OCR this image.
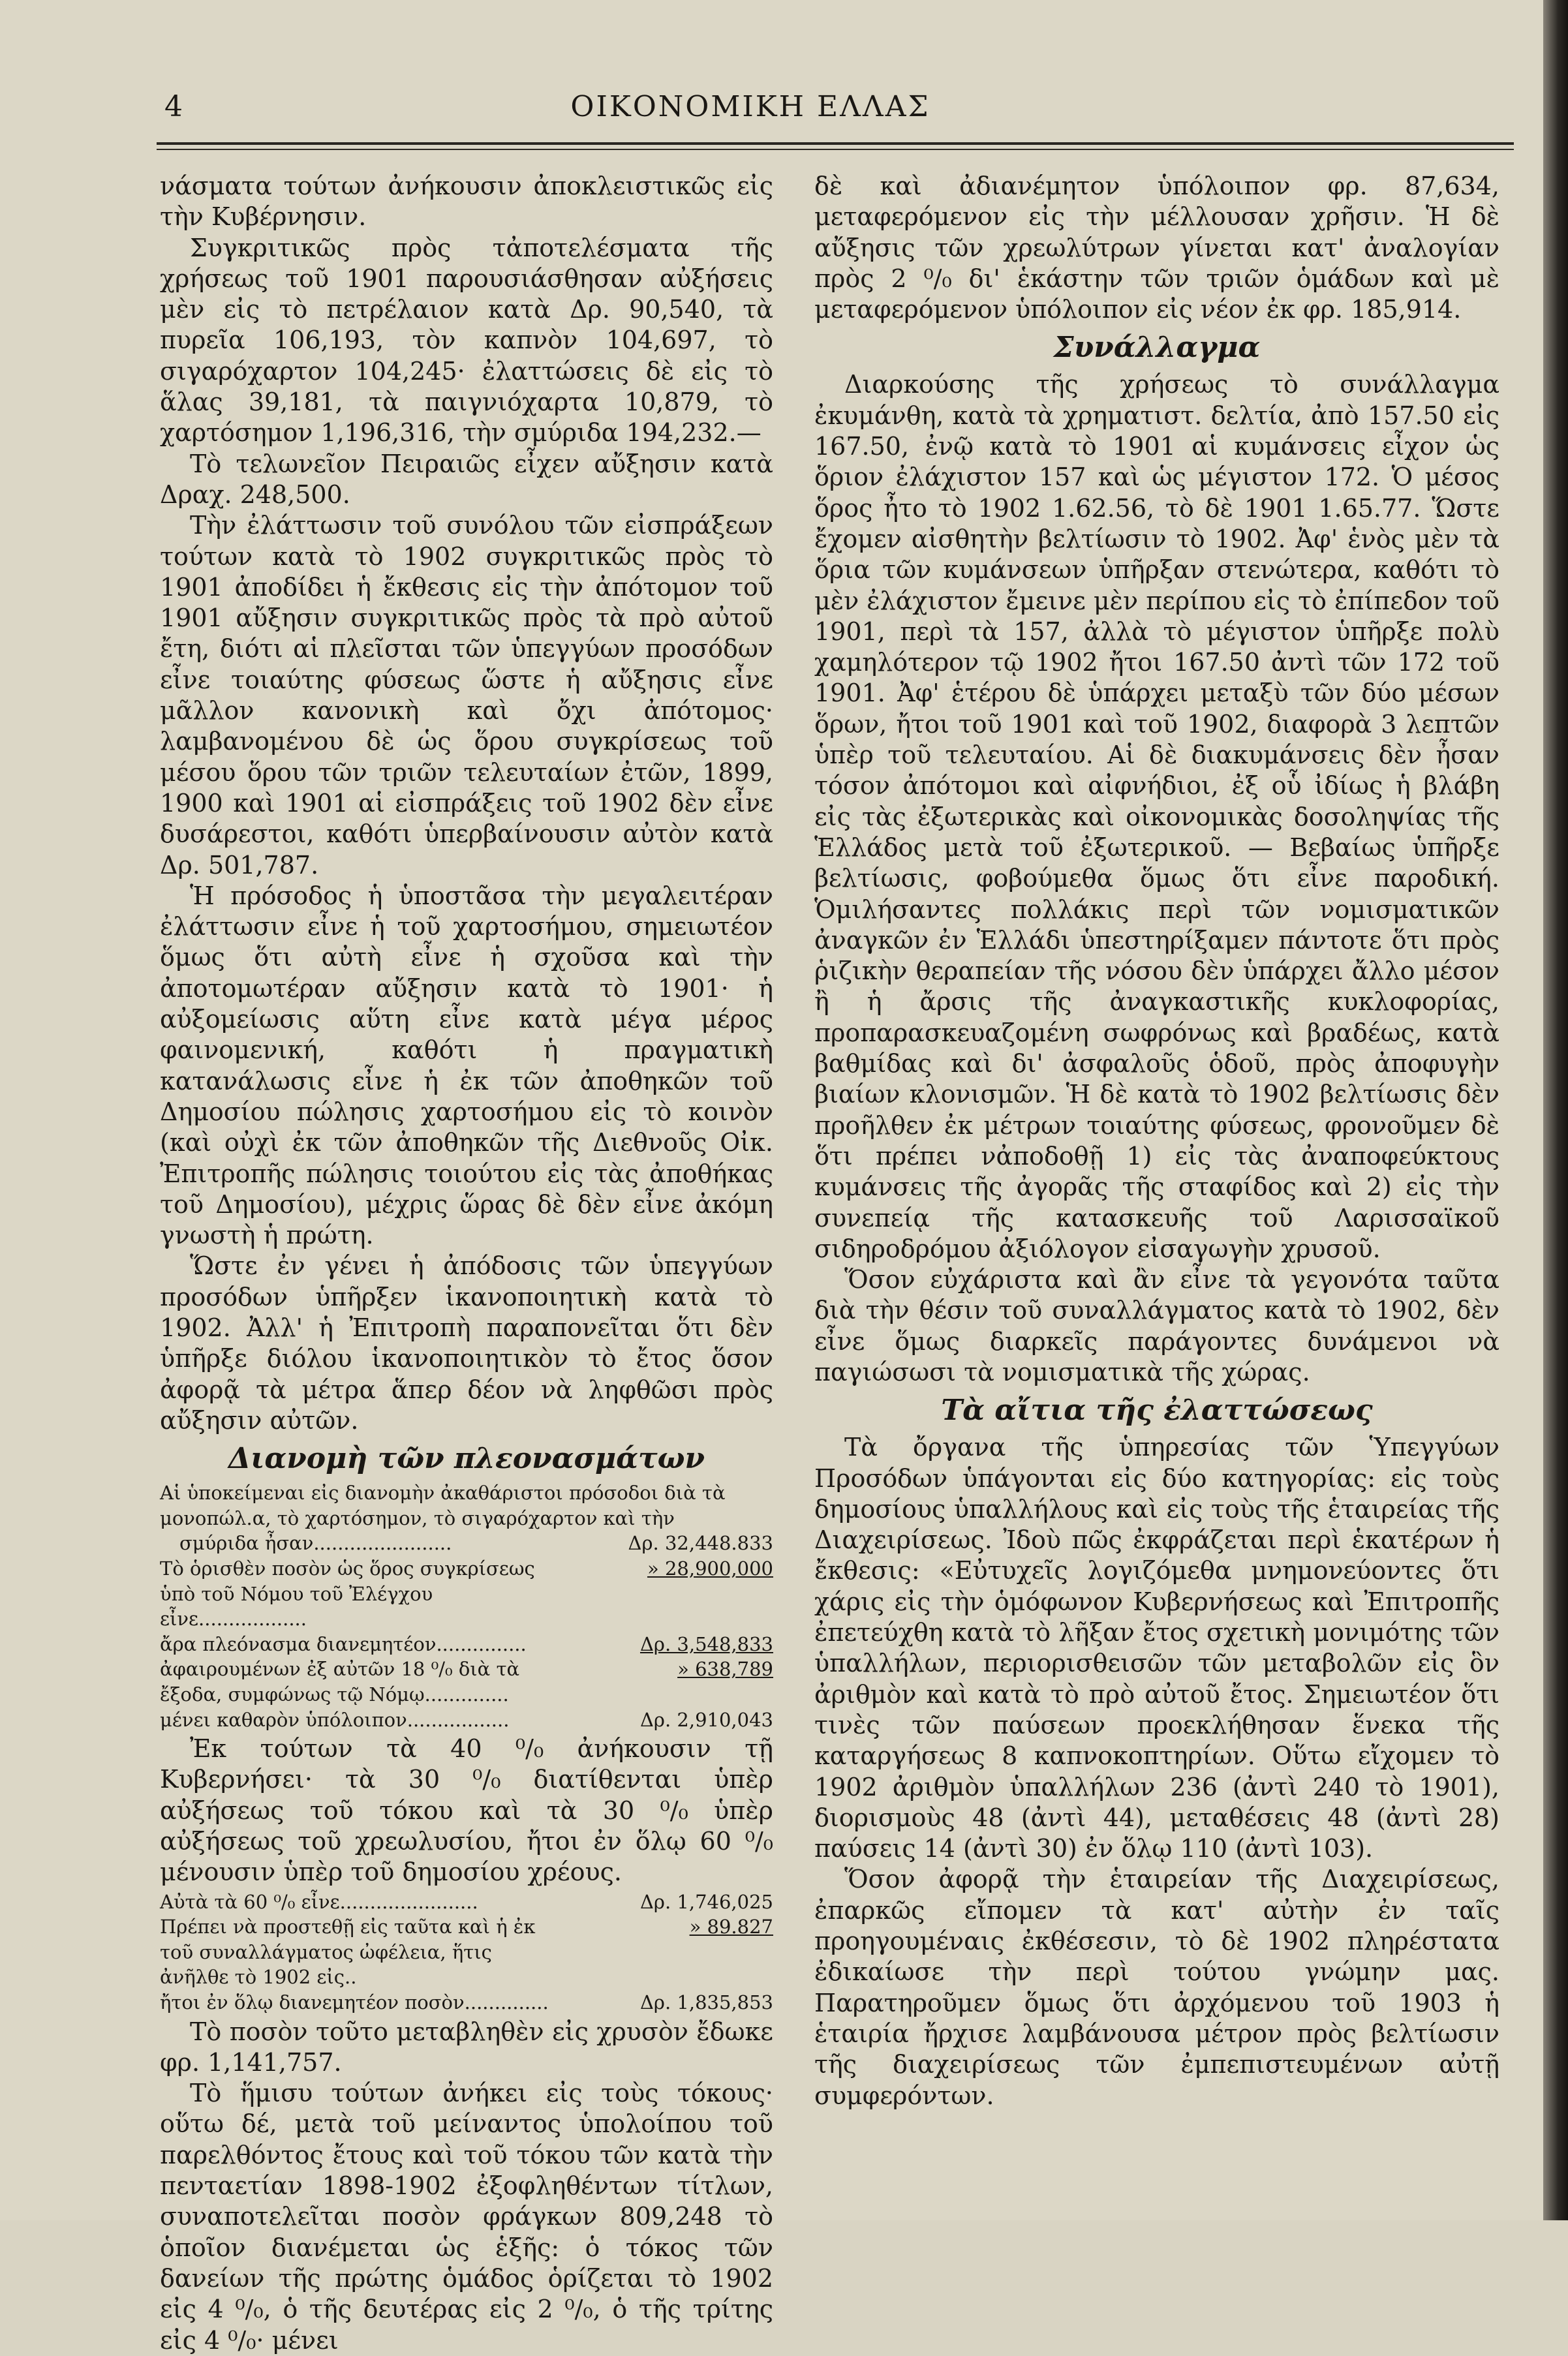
4	ΟΙΚΟΝΟΜΙΚΗ ΕΛΛΑΣ

νάσματα τούτων ἀνήκουσιν ἀποκλειστικῶς εἰς τὴν Κυβέρνησιν.

Συγκριτικῶς πρὸς τἀποτελέσματα τῆς χρήσεως τοῦ 1901 παρουσιάσθησαν αὐξήσεις μὲν εἰς τὸ πετρέλαιον κατὰ Δρ. 90,540, τὰ πυρεῖα 106,193, τὸν καπνὸν 104,697, τὸ σιγαρόχαρτον 104,245· ἐλαττώσεις δὲ εἰς τὸ ἅλας 39,181, τὰ παιγνιόχαρτα 10,879, τὸ χαρτόσημον 1,196,316, τὴν σμύριδα 194,232.—

Τὸ τελωνεῖον Πειραιῶς εἶχεν αὔξησιν κατὰ Δραχ. 248,500.

Τὴν ἐλάττωσιν τοῦ συνόλου τῶν εἰσπράξεων τούτων κατὰ τὸ 1902 συγκριτικῶς πρὸς τὸ 1901 ἀποδίδει ἡ ἔκθεσις εἰς τὴν ἀπότομον τοῦ 1901 αὔξησιν συγκριτικῶς πρὸς τὰ πρὸ αὐτοῦ ἔτη, διότι αἱ πλεῖσται τῶν ὑπεγγύων προσόδων εἶνε τοιαύτης φύσεως ὥστε ἡ αὔξησις εἶνε μᾶλλον κανονικὴ καὶ ὄχι ἀπότομος· λαμβανομένου δὲ ὡς ὅρου συγκρίσεως τοῦ μέσου ὅρου τῶν τριῶν τελευταίων ἐτῶν, 1899, 1900 καὶ 1901 αἱ εἰσπράξεις τοῦ 1902 δὲν εἶνε δυσάρεστοι, καθότι ὑπερβαίνουσιν αὐτὸν κατὰ Δρ. 501,787.

Ἡ πρόσοδος ἡ ὑποστᾶσα τὴν μεγαλειτέραν ἐλάττωσιν εἶνε ἡ τοῦ χαρτοσήμου, σημειωτέον ὅμως ὅτι αὐτὴ εἶνε ἡ σχοῦσα καὶ τὴν ἀποτομωτέραν αὔξησιν κατὰ τὸ 1901· ἡ αὐξομείωσις αὕτη εἶνε κατὰ μέγα μέρος φαινομενική, καθότι ἡ πραγματικὴ κατανάλωσις εἶνε ἡ ἐκ τῶν ἀποθηκῶν τοῦ Δημοσίου πώλησις χαρτοσήμου εἰς τὸ κοινὸν (καὶ οὐχὶ ἐκ τῶν ἀποθηκῶν τῆς Διεθνοῦς Οἰκ. Ἐπιτροπῆς πώλησις τοιούτου εἰς τὰς ἀποθήκας τοῦ Δημοσίου), μέχρις ὥρας δὲ δὲν εἶνε ἀκόμη γνωστὴ ἡ πρώτη.

Ὥστε ἐν γένει ἡ ἀπόδοσις τῶν ὑπεγγύων προσόδων ὑπῆρξεν ἱκανοποιητικὴ κατὰ τὸ 1902. Ἀλλ' ἡ Ἐπιτροπὴ παραπονεῖται ὅτι δὲν ὑπῆρξε διόλου ἱκανοποιητικὸν τὸ ἔτος ὅσον ἀφορᾷ τὰ μέτρα ἅπερ δέον νὰ ληφθῶσι πρὸς αὔξησιν αὐτῶν.

Διανομὴ τῶν πλεονασμάτων
Αἱ ὑποκείμεναι εἰς διανομὴν ἀκαθάριστοι πρόσοδοι διὰ τὰ μονοπώλ.α, τὸ χαρτόσημον, τὸ σιγαρόχαρτον καὶ τὴν
σμύριδα ἦσαν.......................	Δρ. 32,448.833
Τὸ ὁρισθὲν ποσὸν ὡς ὅρος συγκρίσεως ὑπὸ τοῦ Νόμου τοῦ Ἐλέγχου εἶνε..................
» 28,900,000
ἄρα πλεόνασμα διανεμητέον...............	Δρ. 3,548,833
ἀφαιρουμένων ἐξ αὐτῶν 18 ⁰/₀ διὰ τὰ ἔξοδα, συμφώνως τῷ Νόμῳ..............
» 638,789
μένει καθαρὸν ὑπόλοιπον.................	Δρ. 2,910,043

Ἐκ τούτων τὰ 40 ⁰/₀ ἀνήκουσιν τῇ Κυβερνήσει· τὰ 30 ⁰/₀ διατίθενται ὑπὲρ αὐξήσεως τοῦ τόκου καὶ τὰ 30 ⁰/₀ ὑπὲρ αὐξήσεως τοῦ χρεωλυσίου, ἤτοι ἐν ὅλῳ 60 ⁰/₀ μένουσιν ὑπὲρ τοῦ δημοσίου χρέους.

Αὐτὰ τὰ 60 ⁰/₀ εἶνε.......................	Δρ. 1,746,025
Πρέπει νὰ προστεθῇ εἰς ταῦτα καὶ ἡ ἐκ τοῦ συναλλάγματος ὠφέλεια, ἥτις ἀνῆλθε τὸ 1902 εἰς..
» 89.827
ἤτοι ἐν ὅλῳ διανεμητέον ποσὸν..............	Δρ. 1,835,853

Τὸ ποσὸν τοῦτο μεταβληθὲν εἰς χρυσὸν ἔδωκε φρ. 1,141,757.

Τὸ ἥμισυ τούτων ἀνήκει εἰς τοὺς τόκους· οὕτω δέ, μετὰ τοῦ μείναντος ὑπολοίπου τοῦ παρελθόντος ἔτους καὶ τοῦ τόκου τῶν κατὰ τὴν πενταετίαν 1898-1902 ἐξοφληθέντων τίτλων, συναποτελεῖται ποσὸν φράγκων 809,248 τὸ ὁποῖον διανέμεται ὡς ἑξῆς: ὁ τόκος τῶν δανείων τῆς πρώτης ὁμάδος ὁρίζεται τὸ 1902 εἰς 4 ⁰/₀, ὁ τῆς δευτέρας εἰς 2 ⁰/₀, ὁ τῆς τρίτης εἰς 4 ⁰/₀· μένει

δὲ καὶ ἀδιανέμητον ὑπόλοιπον φρ. 87,634, μεταφερόμενον εἰς τὴν μέλλουσαν χρῆσιν. Ἡ δὲ αὔξησις τῶν χρεωλύτρων γίνεται κατ' ἀναλογίαν πρὸς 2 ⁰/₀ δι' ἑκάστην τῶν τριῶν ὁμάδων καὶ μὲ μεταφερόμενον ὑπόλοιπον εἰς νέον ἐκ φρ. 185,914.

Συνάλλαγμα

Διαρκούσης τῆς χρήσεως τὸ συνάλλαγμα ἐκυμάνθη, κατὰ τὰ χρηματιστ. δελτία, ἀπὸ 157.50 εἰς 167.50, ἐνῷ κατὰ τὸ 1901 αἱ κυμάνσεις εἶχον ὡς ὅριον ἐλάχιστον 157 καὶ ὡς μέγιστον 172. Ὁ μέσος ὅρος ἦτο τὸ 1902 1.62.56, τὸ δὲ 1901 1.65.77. Ὥστε ἔχομεν αἰσθητὴν βελτίωσιν τὸ 1902. Ἀφ' ἑνὸς μὲν τὰ ὅρια τῶν κυμάνσεων ὑπῆρξαν στενώτερα, καθότι τὸ μὲν ἐλάχιστον ἔμεινε μὲν περίπου εἰς τὸ ἐπίπεδον τοῦ 1901, περὶ τὰ 157, ἀλλὰ τὸ μέγιστον ὑπῆρξε πολὺ χαμηλότερον τῷ 1902 ἤτοι 167.50 ἀντὶ τῶν 172 τοῦ 1901. Ἀφ' ἑτέρου δὲ ὑπάρχει μεταξὺ τῶν δύο μέσων ὅρων, ἤτοι τοῦ 1901 καὶ τοῦ 1902, διαφορὰ 3 λεπτῶν ὑπὲρ τοῦ τελευταίου. Αἱ δὲ διακυμάνσεις δὲν ἦσαν τόσον ἀπότομοι καὶ αἰφνήδιοι, ἐξ οὗ ἰδίως ἡ βλάβη εἰς τὰς ἐξωτερικὰς καὶ οἰκονομικὰς δοσοληψίας τῆς Ἑλλάδος μετὰ τοῦ ἐξωτερικοῦ. — Βεβαίως ὑπῆρξε βελτίωσις, φοβούμεθα ὅμως ὅτι εἶνε παροδική. Ὁμιλήσαντες πολλάκις περὶ τῶν νομισματικῶν ἀναγκῶν ἐν Ἑλλάδι ὑπεστηρίξαμεν πάντοτε ὅτι πρὸς ῥιζικὴν θεραπείαν τῆς νόσου δὲν ὑπάρχει ἄλλο μέσον ἢ ἡ ἄρσις τῆς ἀναγκαστικῆς κυκλοφορίας, προπαρασκευαζομένη σωφρόνως καὶ βραδέως, κατὰ βαθμίδας καὶ δι' ἀσφαλοῦς ὁδοῦ, πρὸς ἀποφυγὴν βιαίων κλονισμῶν. Ἡ δὲ κατὰ τὸ 1902 βελτίωσις δὲν προῆλθεν ἐκ μέτρων τοιαύτης φύσεως, φρονοῦμεν δὲ ὅτι πρέπει νἀποδοθῇ 1) εἰς τὰς ἀναποφεύκτους κυμάνσεις τῆς ἀγορᾶς τῆς σταφίδος καὶ 2) εἰς τὴν συνεπείᾳ τῆς κατασκευῆς τοῦ Λαρισσαϊκοῦ σιδηροδρόμου ἀξιόλογον εἰσαγωγὴν χρυσοῦ.

Ὅσον εὐχάριστα καὶ ἂν εἶνε τὰ γεγονότα ταῦτα διὰ τὴν θέσιν τοῦ συναλλάγματος κατὰ τὸ 1902, δὲν εἶνε ὅμως διαρκεῖς παράγοντες δυνάμενοι νὰ παγιώσωσι τὰ νομισματικὰ τῆς χώρας.

Τὰ αἴτια τῆς ἐλαττώσεως

Τὰ ὄργανα τῆς ὑπηρεσίας τῶν Ὑπεγγύων Προσόδων ὑπάγονται εἰς δύο κατηγορίας: εἰς τοὺς δημοσίους ὑπαλλήλους καὶ εἰς τοὺς τῆς ἑταιρείας τῆς Διαχειρίσεως. Ἰδοὺ πῶς ἐκφράζεται περὶ ἑκατέρων ἡ ἔκθεσις: «Εὐτυχεῖς λογιζόμεθα μνημονεύοντες ὅτι χάρις εἰς τὴν ὁμόφωνον Κυβερνήσεως καὶ Ἐπιτροπῆς ἐπετεύχθη κατὰ τὸ λῆξαν ἔτος σχετικὴ μονιμότης τῶν ὑπαλλήλων, περιορισθεισῶν τῶν μεταβολῶν εἰς ὃν ἀριθμὸν καὶ κατὰ τὸ πρὸ αὐτοῦ ἔτος. Σημειωτέον ὅτι τινὲς τῶν παύσεων προεκλήθησαν ἕνεκα τῆς καταργήσεως 8 καπνοκοπτηρίων. Οὕτω εἴχομεν τὸ 1902 ἀριθμὸν ὑπαλλήλων 236 (ἀντὶ 240 τὸ 1901), διορισμοὺς 48 (ἀντὶ 44), μεταθέσεις 48 (ἀντὶ 28) παύσεις 14 (ἀντὶ 30) ἐν ὅλῳ 110 (ἀντὶ 103).

Ὅσον ἀφορᾷ τὴν ἑταιρείαν τῆς Διαχειρίσεως, ἐπαρκῶς εἴπομεν τὰ κατ' αὐτὴν ἐν ταῖς προηγουμέναις ἐκθέσεσιν, τὸ δὲ 1902 πληρέστατα ἐδικαίωσε τὴν περὶ τούτου γνώμην μας. Παρατηροῦμεν ὅμως ὅτι ἀρχόμενου τοῦ 1903 ἡ ἑταιρία ἤρχισε λαμβάνουσα μέτρον πρὸς βελτίωσιν τῆς διαχειρίσεως τῶν ἐμπεπιστευμένων αὐτῇ συμφερόντων.
